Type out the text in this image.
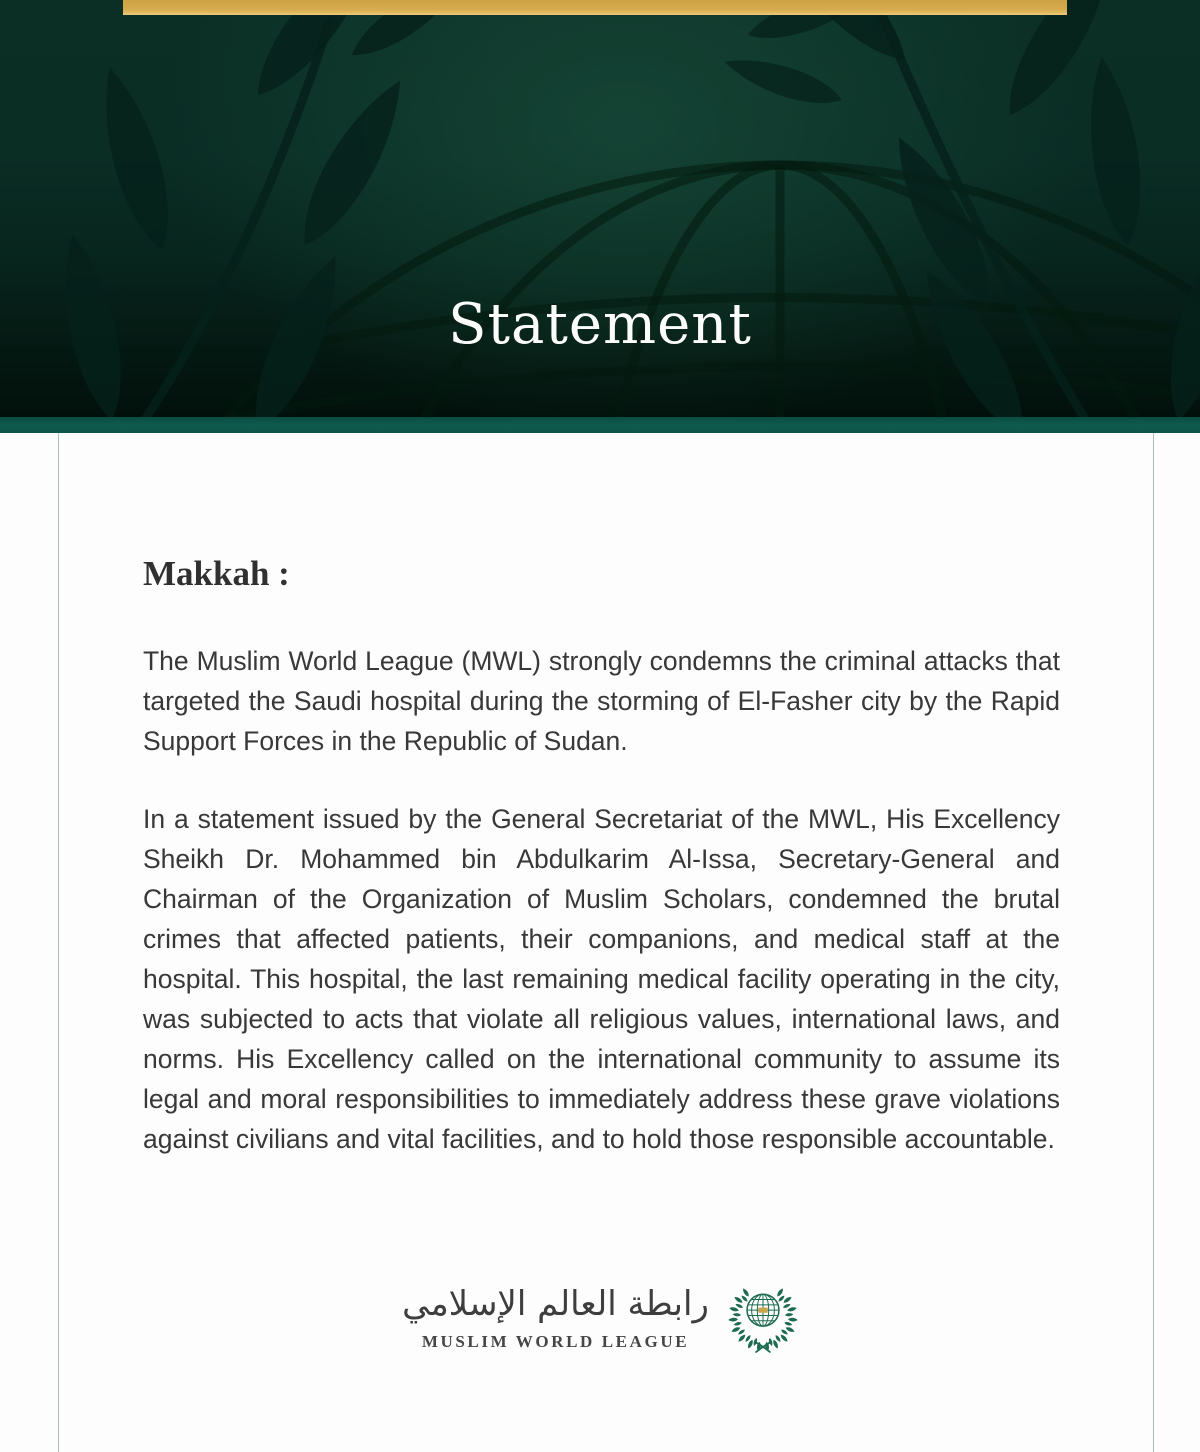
Statement
Makkah :

The Muslim World League (MWL) strongly condemns the criminal attacks that targeted the Saudi hospital during the storming of El-Fasher city by the Rapid Support Forces in the Republic of Sudan.

In a statement issued by the General Secretariat of the MWL, His Excellency Sheikh Dr. Mohammed bin Abdulkarim Al-Issa, Secretary-General and Chairman of the Organization of Muslim Scholars, condemned the brutal crimes that affected patients, their companions, and medical staff at the hospital. This hospital, the last remaining medical facility operating in the city, was subjected to acts that violate all religious values, international laws, and norms. His Excellency called on the international community to assume its legal and moral responsibilities to immediately address these grave violations against civilians and vital facilities, and to hold those responsible accountable.

رابطة العالم الإسلامي
MUSLIM WORLD LEAGUE
